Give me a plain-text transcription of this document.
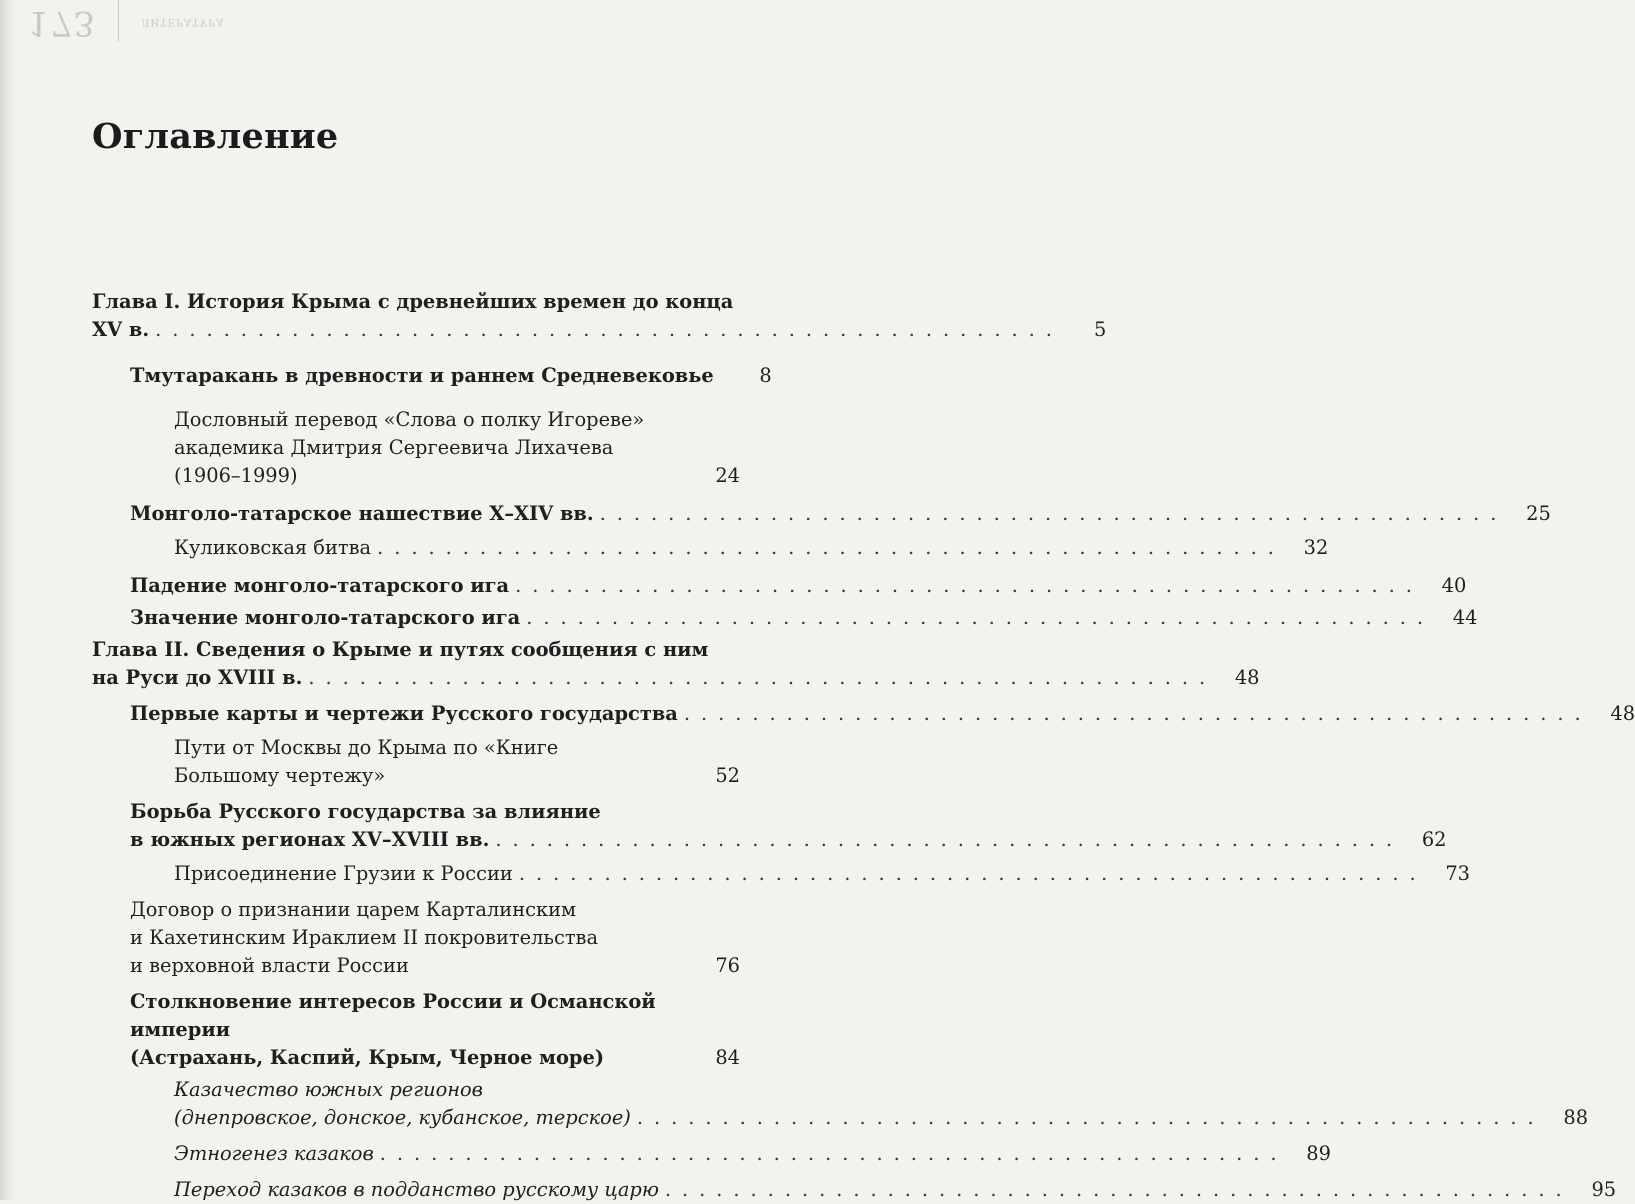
173	ЛИТЕРАТУРА
Оглавление
Глава I. История Крыма с древнейших времен до конца
XV в. . . . . . . . . . . . . . . . . . . . . . . . . . . . . . . . . . . . . . . . . . . . . . . . . . . . . .	5
Тмутаракань в древности и раннем Средневековье	8
Дословный перевод «Слова о полку Игореве»
академика Дмитрия Сергеевича Лихачева
(1906–1999)	24
Монголо-татарское нашествие X–XIV вв. . . . . . . . . . . . . . . . . . . . . . . . . . . . . . . . . . . . . . . . . . . . . . . . . . . . . .	25
Куликовская битва . . . . . . . . . . . . . . . . . . . . . . . . . . . . . . . . . . . . . . . . . . . . . . . . . . . . .	32
Падение монголо-татарского ига . . . . . . . . . . . . . . . . . . . . . . . . . . . . . . . . . . . . . . . . . . . . . . . . . . . . .	40
Значение монголо-татарского ига . . . . . . . . . . . . . . . . . . . . . . . . . . . . . . . . . . . . . . . . . . . . . . . . . . . . .	44
Глава II. Сведения о Крыме и путях сообщения с ним
на Руси до XVIII в. . . . . . . . . . . . . . . . . . . . . . . . . . . . . . . . . . . . . . . . . . . . . . . . . . . . . .	48
Первые карты и чертежи Русского государства . . . . . . . . . . . . . . . . . . . . . . . . . . . . . . . . . . . . . . . . . . . . . . . . . . . . .	48
Пути от Москвы до Крыма по «Книге
Большому чертежу»	52
Борьба Русского государства за влияние
в южных регионах XV–XVIII вв. . . . . . . . . . . . . . . . . . . . . . . . . . . . . . . . . . . . . . . . . . . . . . . . . . . . . .	62
Присоединение Грузии к России . . . . . . . . . . . . . . . . . . . . . . . . . . . . . . . . . . . . . . . . . . . . . . . . . . . . .	73
Договор о признании царем Карталинским
и Кахетинским Ираклием II покровительства
и верховной власти России	76
Столкновение интересов России и Османской империи
(Астрахань, Каспий, Крым, Черное море)	84
Казачество южных регионов
(днепровское, донское, кубанское, терское) . . . . . . . . . . . . . . . . . . . . . . . . . . . . . . . . . . . . . . . . . . . . . . . . . . . . .	88
Этногенез казаков . . . . . . . . . . . . . . . . . . . . . . . . . . . . . . . . . . . . . . . . . . . . . . . . . . . . .	89
Переход казаков в подданство русскому царю . . . . . . . . . . . . . . . . . . . . . . . . . . . . . . . . . . . . . . . . . . . . . . . . . . . . .	95
